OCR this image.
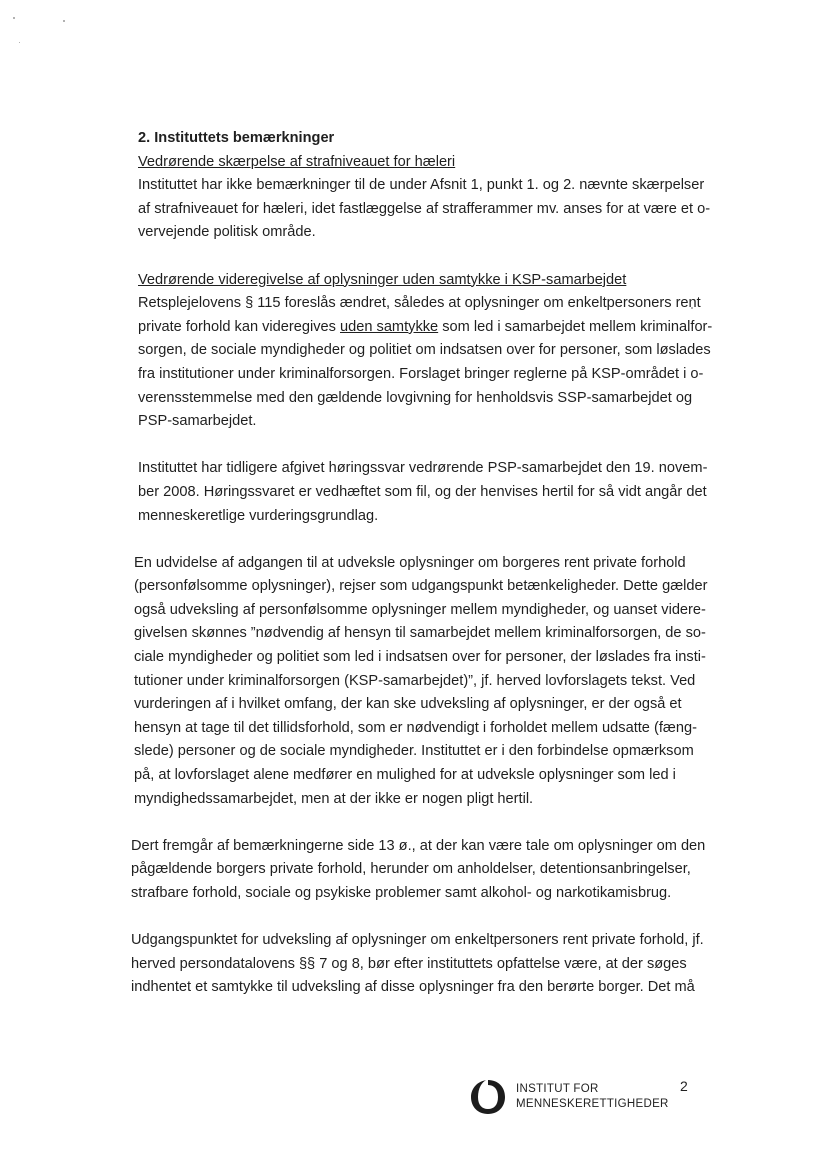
2. Instituttets bemærkninger
Vedrørende skærpelse af strafniveauet for hæleri
Instituttet har ikke bemærkninger til de under Afsnit 1, punkt 1. og 2. nævnte skærpelser
af strafniveauet for hæleri, idet fastlæggelse af strafferammer mv. anses for at være et o-
vervejende politisk område.
Vedrørende videregivelse af oplysninger uden samtykke i KSP-samarbejdet
Retsplejelovens § 115 foreslås ændret, således at oplysninger om enkeltpersoners rent
private forhold kan videregives uden samtykke som led i samarbejdet mellem kriminalfor-
sorgen, de sociale myndigheder og politiet om indsatsen over for personer, som løslades
fra institutioner under kriminalforsorgen. Forslaget bringer reglerne på KSP-området i o-
verensstemmelse med den gældende lovgivning for henholdsvis SSP-samarbejdet og
PSP-samarbejdet.
Instituttet har tidligere afgivet høringssvar vedrørende PSP-samarbejdet den 19. novem-
ber 2008. Høringssvaret er vedhæftet som fil, og der henvises hertil for så vidt angår det
menneskeretlige vurderingsgrundlag.
En udvidelse af adgangen til at udveksle oplysninger om borgeres rent private forhold
(personfølsomme oplysninger), rejser som udgangspunkt betænkeligheder. Dette gælder
også udveksling af personfølsomme oplysninger mellem myndigheder, og uanset videre-
givelsen skønnes ”nødvendig af hensyn til samarbejdet mellem kriminalforsorgen, de so-
ciale myndigheder og politiet som led i indsatsen over for personer, der løslades fra insti-
tutioner under kriminalforsorgen (KSP-samarbejdet)”, jf. herved lovforslagets tekst. Ved
vurderingen af i hvilket omfang, der kan ske udveksling af oplysninger, er der også et
hensyn at tage til det tillidsforhold, som er nødvendigt i forholdet mellem udsatte (fæng-
slede) personer og de sociale myndigheder. Instituttet er i den forbindelse opmærksom
på, at lovforslaget alene medfører en mulighed for at udveksle oplysninger som led i
myndighedssamarbejdet, men at der ikke er nogen pligt hertil.
Dert fremgår af bemærkningerne side 13 ø., at der kan være tale om oplysninger om den
pågældende borgers private forhold, herunder om anholdelser, detentionsanbringelser,
strafbare forhold, sociale og psykiske problemer samt alkohol- og narkotikamisbrug.
Udgangspunktet for udveksling af oplysninger om enkeltpersoners rent private forhold, jf.
herved persondatalovens §§ 7 og 8, bør efter instituttets opfattelse være, at der søges
indhentet et samtykke til udveksling af disse oplysninger fra den berørte borger. Det må
INSTITUT FOR
MENNESKERETTIGHEDER
2
